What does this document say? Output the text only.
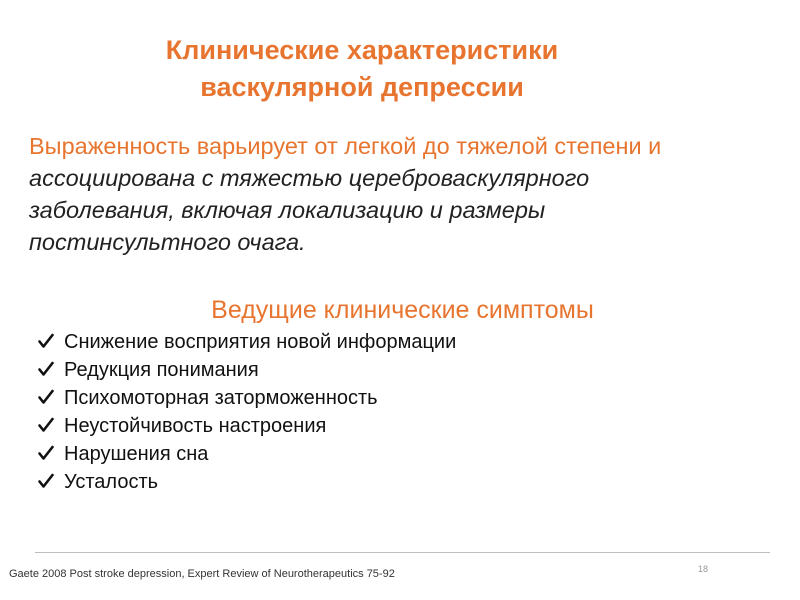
Клинические характеристики
васкулярной депрессии
Выраженность варьирует от легкой до тяжелой степени и
ассоциирована с тяжестью цереброваскулярного
заболевания, включая локализацию и размеры
постинсультного очага.
Ведущие клинические симптомы
Снижение восприятия новой информации
Редукция понимания
Психомоторная заторможенность
Неустойчивость настроения
Нарушения сна
Усталость
Gaete 2008 Post stroke depression, Expert Review of Neurotherapeutics 75-92	18
